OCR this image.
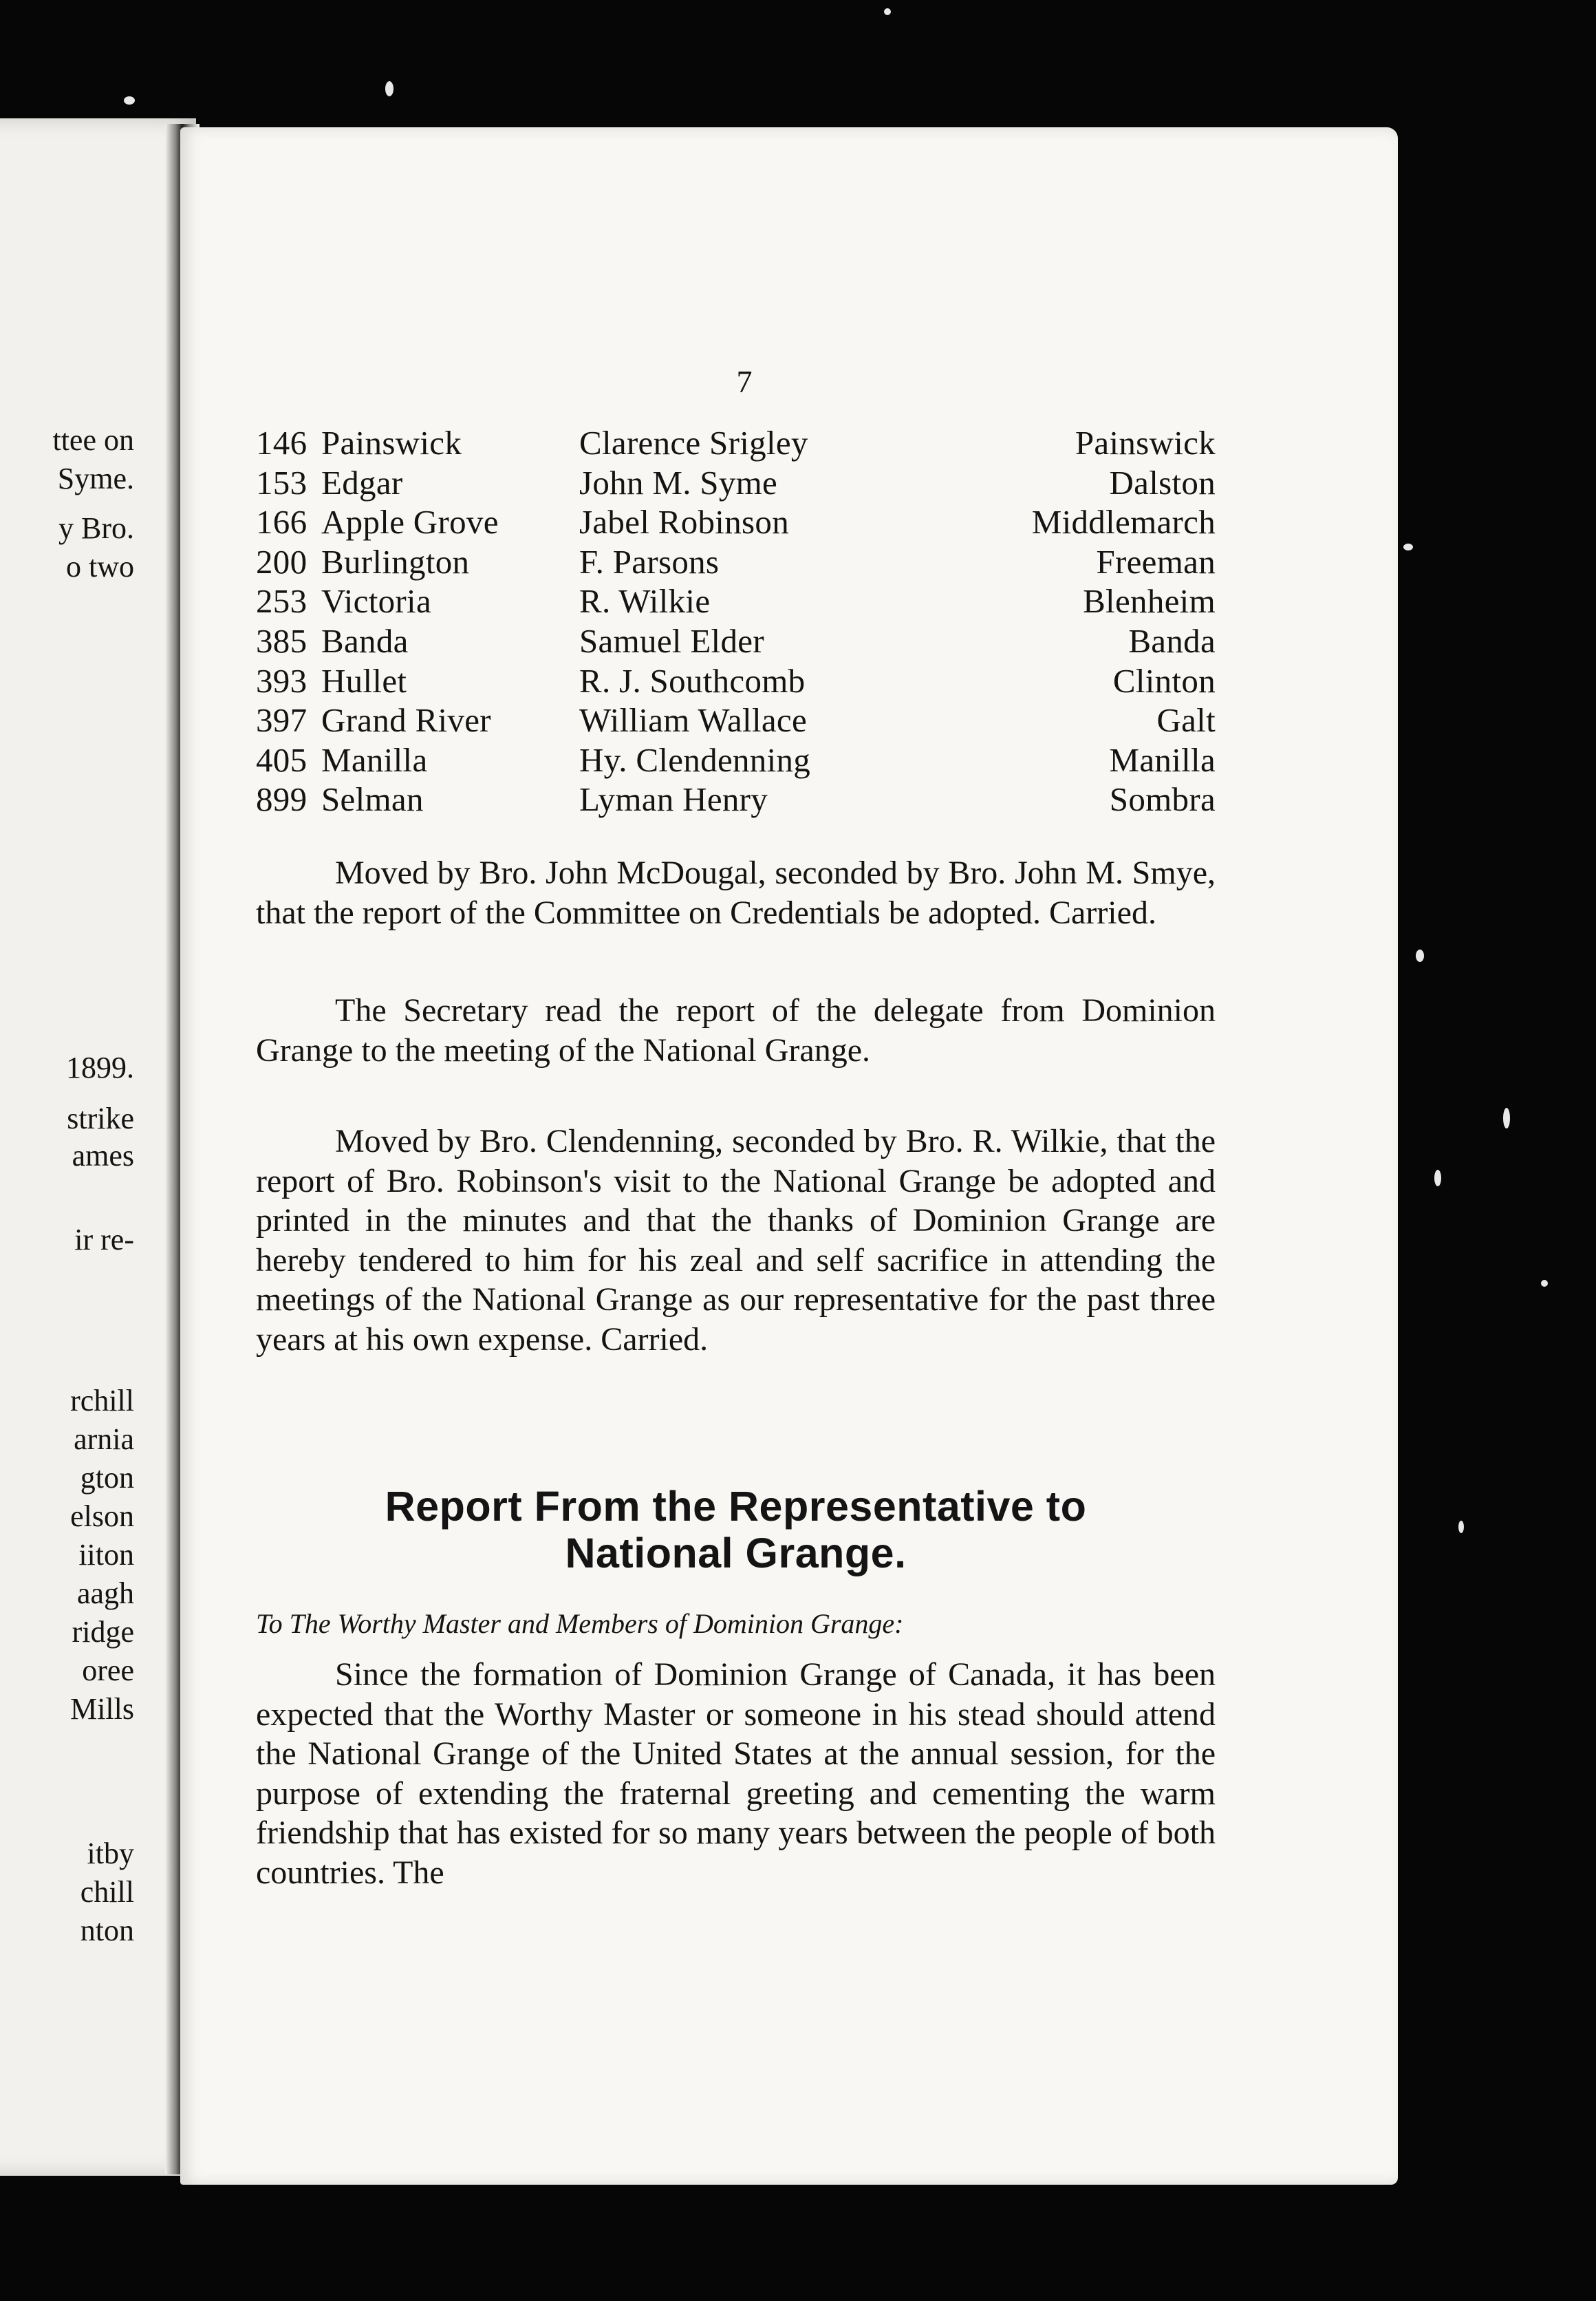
ttee on
Syme.
y Bro.
o two
1899.
strike
ames
ir re-
rchill
arnia
gton
elson
iiton
aagh
ridge
oree
Mills
itby
chill
nton
7
146 Painswick	Clarence Srigley	Painswick
153 Edgar	John M. Syme	Dalston
166 Apple Grove	Jabel Robinson	Middlemarch
200 Burlington	F. Parsons	Freeman
253 Victoria	R. Wilkie	Blenheim
385 Banda	Samuel Elder	Banda
393 Hullet	R. J. Southcomb	Clinton
397 Grand River	William Wallace	Galt
405 Manilla	Hy. Clendenning	Manilla
899 Selman	Lyman Henry	Sombra

Moved by Bro. John McDougal, seconded by Bro. John M. Smye, that the report of the Committee on Credentials be adopted. Carried.

The Secretary read the report of the delegate from Dominion Grange to the meeting of the National Grange.

Moved by Bro. Clendenning, seconded by Bro. R. Wilkie, that the report of Bro. Robinson's visit to the National Grange be adopted and printed in the minutes and that the thanks of Dominion Grange are hereby tendered to him for his zeal and self sacrifice in attending the meetings of the National Grange as our representative for the past three years at his own expense. Carried.

Report From the Representative to
National Grange.

To The Worthy Master and Members of Dominion Grange:

Since the formation of Dominion Grange of Canada, it has been expected that the Worthy Master or someone in his stead should attend the National Grange of the United States at the annual session, for the purpose of extending the fraternal greeting and cementing the warm friendship that has existed for so many years between the people of both countries. The
